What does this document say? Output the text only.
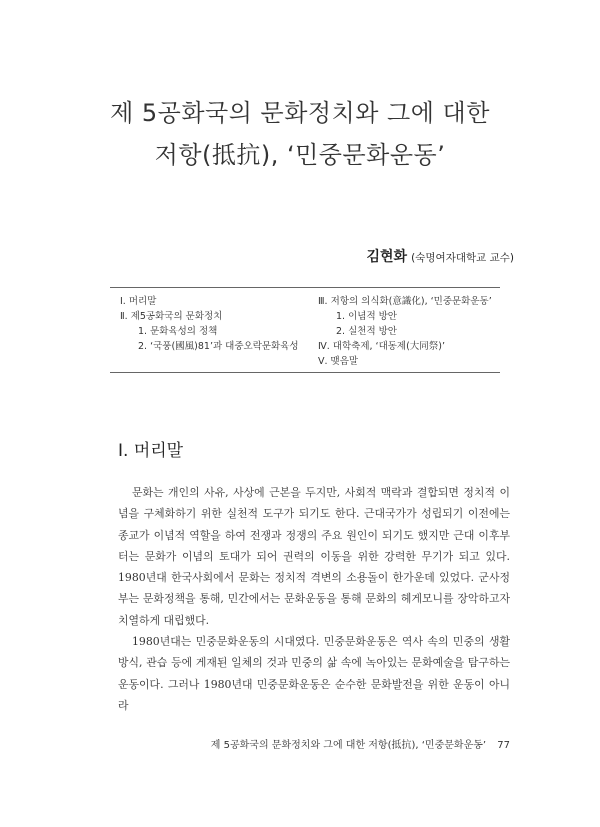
제 5공화국의 문화정치와 그에 대한
저항(抵抗), ‘민중문화운동’
김현화 (숙명여자대학교 교수)
Ⅰ. 머리말
Ⅱ. 제5공화국의 문화정치
1. 문화육성의 정책
2. ‘국풍(國風)81’과 대중오락문화육성
Ⅲ. 저항의 의식화(意識化), ‘민중문화운동’
1. 이념적 방안
2. 실천적 방안
Ⅳ. 대학축제, ‘대동제(大同祭)’
Ⅴ. 맺음말
Ⅰ. 머리말

문화는 개인의 사유, 사상에 근본을 두지만, 사회적 맥락과 결합되면 정치적 이념을 구체화하기 위한 실천적 도구가 되기도 한다. 근대국가가 성립되기 이전에는 종교가 이념적 역할을 하여 전쟁과 정쟁의 주요 원인이 되기도 했지만 근대 이후부터는 문화가 이념의 토대가 되어 권력의 이동을 위한 강력한 무기가 되고 있다. 1980년대 한국사회에서 문화는 정치적 격변의 소용돌이 한가운데 있었다. 군사정부는 문화정책을 통해, 민간에서는 문화운동을 통해 문화의 헤게모니를 장악하고자 치열하게 대립했다.

1980년대는 민중문화운동의 시대였다. 민중문화운동은 역사 속의 민중의 생활방식, 관습 등에 게재된 일체의 것과 민중의 삶 속에 녹아있는 문화예술을 탐구하는 운동이다. 그러나 1980년대 민중문화운동은 순수한 문화발전을 위한 운동이 아니라

제 5공화국의 문화정치와 그에 대한 저항(抵抗), ‘민중문화운동’ 77
